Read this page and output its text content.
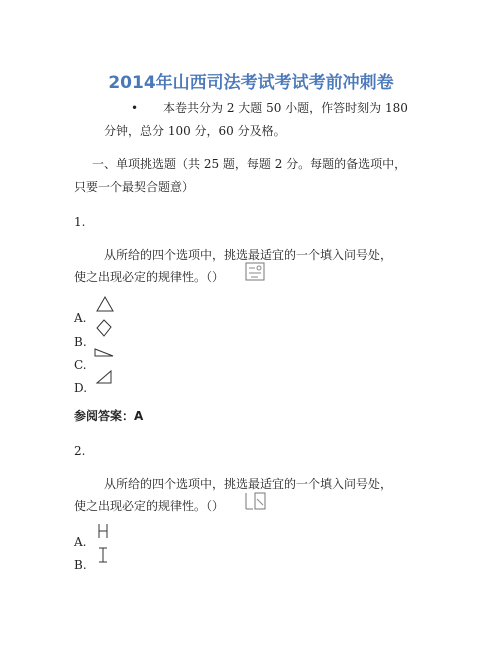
2014年山西司法考试考试考前冲刺卷
• 本卷共分为 2 大题 50 小题，作答时刻为 180
分钟，总分 100 分，60 分及格。
一、单项挑选题（共 25 题，每题 2 分。每题的备选项中，
只要一个最契合题意）
1.
从所给的四个选项中，挑选最适宜的一个填入问号处，
使之出现必定的规律性。（）
A.
B.
C.
D.
参阅答案：A
2.
从所给的四个选项中，挑选最适宜的一个填入问号处，
使之出现必定的规律性。（）
A.
B.
